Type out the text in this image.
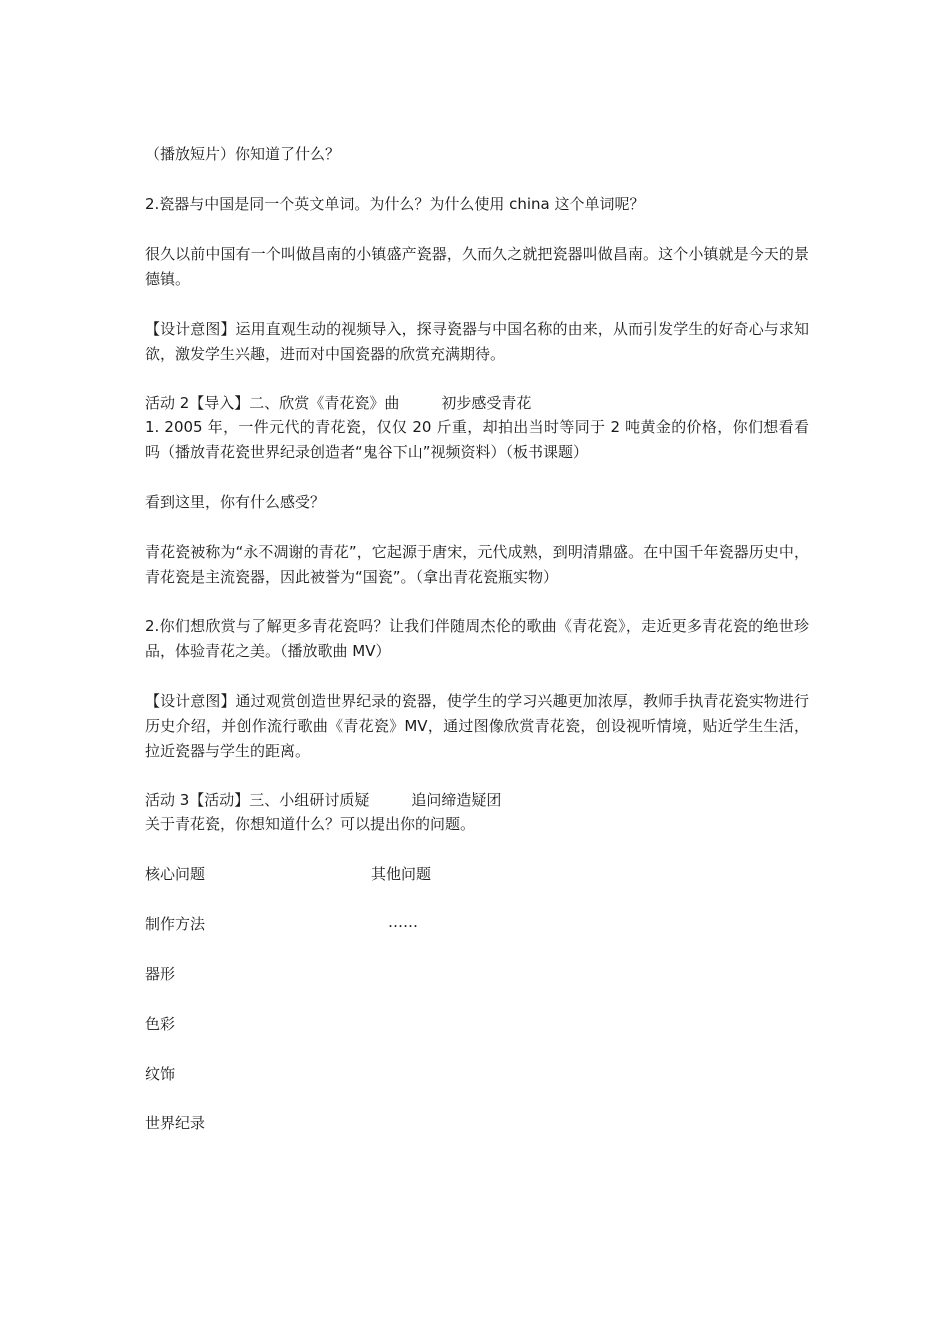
（播放短片）你知道了什么？

2.瓷器与中国是同一个英文单词。为什么？为什么使用 china 这个单词呢？

很久以前中国有一个叫做昌南的小镇盛产瓷器，久而久之就把瓷器叫做昌南。这个小镇就是今天的景德镇。

【设计意图】运用直观生动的视频导入，探寻瓷器与中国名称的由来，从而引发学生的好奇心与求知欲，激发学生兴趣，进而对中国瓷器的欣赏充满期待。

活动 2【导入】二、欣赏《青花瓷》曲	初步感受青花

1. 2005 年，一件元代的青花瓷，仅仅 20 斤重，却拍出当时等同于 2 吨黄金的价格，你们想看看吗（播放青花瓷世界纪录创造者“鬼谷下山”视频资料）（板书课题）

看到这里，你有什么感受？

青花瓷被称为“永不凋谢的青花”，它起源于唐宋，元代成熟，到明清鼎盛。在中国千年瓷器历史中，青花瓷是主流瓷器，因此被誉为“国瓷”。（拿出青花瓷瓶实物）

2.你们想欣赏与了解更多青花瓷吗？让我们伴随周杰伦的歌曲《青花瓷》，走近更多青花瓷的绝世珍品，体验青花之美。（播放歌曲 MV）

【设计意图】通过观赏创造世界纪录的瓷器，使学生的学习兴趣更加浓厚，教师手执青花瓷实物进行历史介绍，并创作流行歌曲《青花瓷》MV，通过图像欣赏青花瓷，创设视听情境，贴近学生生活，拉近瓷器与学生的距离。

活动 3【活动】三、小组研讨质疑	追问缔造疑团

关于青花瓷，你想知道什么？可以提出你的问题。

核心问题	其他问题
制作方法	……
器形
色彩
纹饰
世界纪录
